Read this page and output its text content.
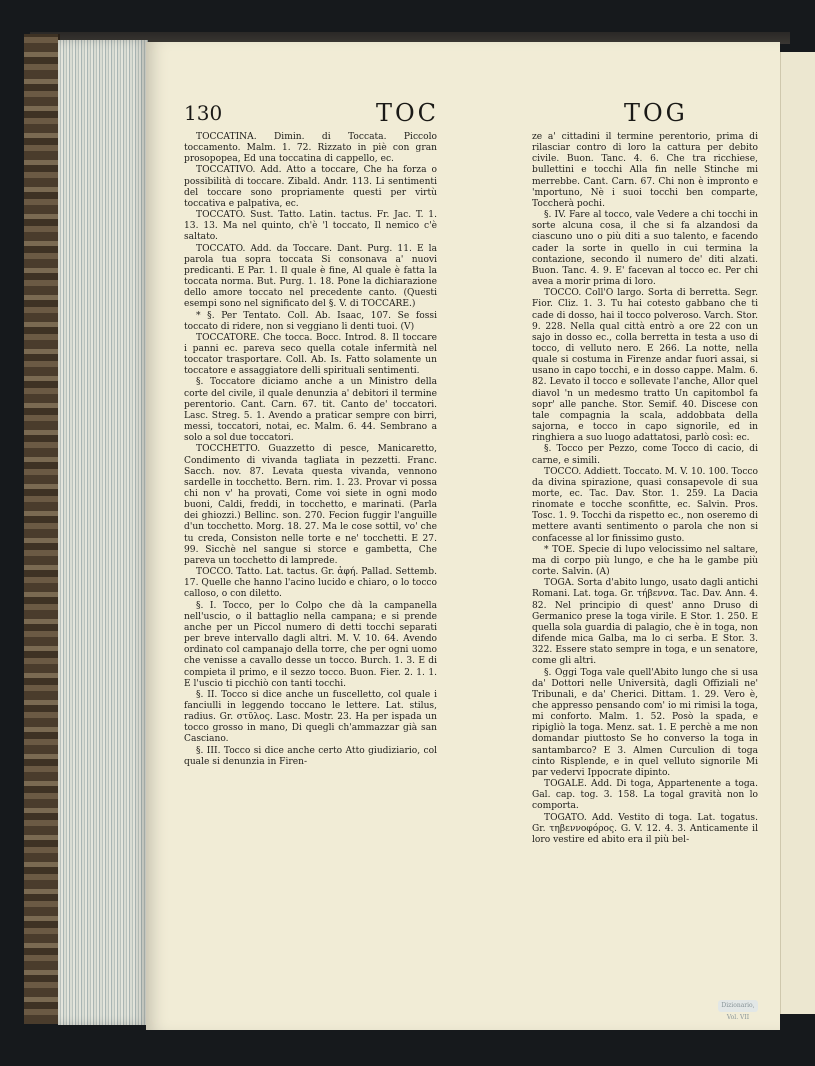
130	TOC	TOG

TOCCATINA. Dimin. di Toccata. Piccolo toccamento. Malm. 1. 72. Rizzato in piè con gran prosopopea, Ed una toccatina di cappello, ec.

TOCCATIVO. Add. Atto a toccare, Che ha forza o possibilità di toccare. Zibald. Andr. 113. Li sentimenti del toccare sono propriamente questi per virtù toccativa e palpativa, ec.

TOCCATO. Sust. Tatto. Latin. tactus. Fr. Jac. T. 1. 13. 13. Ma nel quinto, ch'è 'l toccato, Il nemico c'è saltato.

TOCCATO. Add. da Toccare. Dant. Purg. 11. E la parola tua sopra toccata Si consonava a' nuovi predicanti. E Par. 1. Il quale è fine, Al quale è fatta la toccata norma. But. Purg. 1. 18. Pone la dichiarazione dello amore toccato nel precedente canto. (Questi esempi sono nel significato del §. V. di TOCCARE.)

* §. Per Tentato. Coll. Ab. Isaac, 107. Se fossi toccato di ridere, non si veggiano li denti tuoi. (V)

TOCCATORE. Che tocca. Bocc. Introd. 8. Il toccare i panni ec. pareva seco quella cotale infermità nel toccator trasportare. Coll. Ab. Is. Fatto solamente un toccatore e assaggiatore delli spirituali sentimenti.

§. Toccatore diciamo anche a un Ministro della corte del civile, il quale denunzia a' debitori il termine perentorio. Cant. Carn. 67. tit. Canto de' toccatori. Lasc. Streg. 5. 1. Avendo a praticar sempre con birri, messi, toccatori, notai, ec. Malm. 6. 44. Sembrano a solo a sol due toccatori.

TOCCHETTO. Guazzetto di pesce, Manicaretto, Condimento di vivanda tagliata in pezzetti. Franc. Sacch. nov. 87. Levata questa vivanda, vennono sardelle in tocchetto. Bern. rim. 1. 23. Provar vi possa chi non v' ha provati, Come voi siete in ogni modo buoni, Caldi, freddi, in tocchetto, e marinati. (Parla dei ghiozzi.) Bellinc. son. 270. Fecion fuggir l'anguille d'un tocchetto. Morg. 18. 27. Ma le cose sottil, vo' che tu creda, Consiston nelle torte e ne' tocchetti. E 27. 99. Sicchè nel sangue si storce e gambetta, Che pareva un tocchetto di lamprede.

TOCCO. Tatto. Lat. tactus. Gr. ἁφή. Pallad. Settemb. 17. Quelle che hanno l'acino lucido e chiaro, o lo tocco calloso, o con diletto.

§. I. Tocco, per lo Colpo che dà la campanella nell'uscio, o il battaglio nella campana; e si prende anche per un Piccol numero di detti tocchi separati per breve intervallo dagli altri. M. V. 10. 64. Avendo ordinato col campanajo della torre, che per ogni uomo che venisse a cavallo desse un tocco. Burch. 1. 3. E di compieta il primo, e il sezzo tocco. Buon. Fier. 2. 1. 1. E l'uscio ti picchiò con tanti tocchi.

§. II. Tocco si dice anche un fuscelletto, col quale i fanciulli in leggendo toccano le lettere. Lat. stilus, radius. Gr. στῦλος. Lasc. Mostr. 23. Ha per ispada un tocco grosso in mano, Di quegli ch'ammazzar già san Casciano.

§. III. Tocco si dice anche certo Atto giudiziario, col quale si denunzia in Firen-

ze a' cittadini il termine perentorio, prima di rilasciar contro di loro la cattura per debito civile. Buon. Tanc. 4. 6. Che tra ricchiese, bullettini e tocchi Alla fin nelle Stinche mi merrebbe. Cant. Carn. 67. Chi non è impronto e 'mportuno, Nè i suoi tocchi ben comparte, Toccherà pochi.

§. IV. Fare al tocco, vale Vedere a chi tocchi in sorte alcuna cosa, il che si fa alzandosi da ciascuno uno o più diti a suo talento, e facendo cader la sorte in quello in cui termina la contazione, secondo il numero de' diti alzati. Buon. Tanc. 4. 9. E' facevan al tocco ec. Per chi avea a morir prima di loro.

TOCCO. Coll'O largo. Sorta di berretta. Segr. Fior. Cliz. 1. 3. Tu hai cotesto gabbano che ti cade di dosso, hai il tocco polveroso. Varch. Stor. 9. 228. Nella qual città entrò a ore 22 con un sajo in dosso ec., colla berretta in testa a uso di tocco, di velluto nero. E 266. La notte, nella quale si costuma in Firenze andar fuori assai, si usano in capo tocchi, e in dosso cappe. Malm. 6. 82. Levato il tocco e sollevate l'anche, Allor quel diavol 'n un medesmo tratto Un capitombol fa sopr' alle panche. Stor. Semif. 40. Discese con tale compagnia la scala, addobbata della sajorna, e tocco in capo signorile, ed in ringhiera a suo luogo adattatosi, parlò così: ec.

§. Tocco per Pezzo, come Tocco di cacio, di carne, e simili.

TOCCO. Addiett. Toccato. M. V. 10. 100. Tocco da divina spirazione, quasi consapevole di sua morte, ec. Tac. Dav. Stor. 1. 259. La Dacia rinomate e tocche sconfitte, ec. Salvin. Pros. Tosc. 1. 9. Tocchi da rispetto ec., non oseremo di mettere avanti sentimento o parola che non si confacesse al lor finissimo gusto.

* TOE. Specie di lupo velocissimo nel saltare, ma di corpo più lungo, e che ha le gambe più corte. Salvin. (A)

TOGA. Sorta d'abito lungo, usato dagli antichi Romani. Lat. toga. Gr. τήβεννα. Tac. Dav. Ann. 4. 82. Nel principio di quest' anno Druso di Germanico prese la toga virile. E Stor. 1. 250. E quella sola guardia di palagio, che è in toga, non difende mica Galba, ma lo ci serba. E Stor. 3. 322. Essere stato sempre in toga, e un senatore, come gli altri.

§. Oggi Toga vale quell'Abito lungo che si usa da' Dottori nelle Università, dagli Offiziali ne' Tribunali, e da' Cherici. Dittam. 1. 29. Vero è, che appresso pensando com' io mi rimisi la toga, mi conforto. Malm. 1. 52. Posò la spada, e ripigliò la toga. Menz. sat. 1. E perchè a me non domandar piuttosto Se ho converso la toga in santambarco? E 3. Almen Curculion di toga cinto Risplende, e in quel velluto signorile Mi par vedervi Ippocrate dipinto.

TOGALE. Add. Di toga, Appartenente a toga. Gal. cap. tog. 3. 158. La togal gravità non lo comporta.

TOGATO. Add. Vestito di toga. Lat. togatus. Gr. τηβεννοφόρος. G. V. 12. 4. 3. Anticamente il loro vestire ed abito era il più bel-

Dizionario, Vol. VII
